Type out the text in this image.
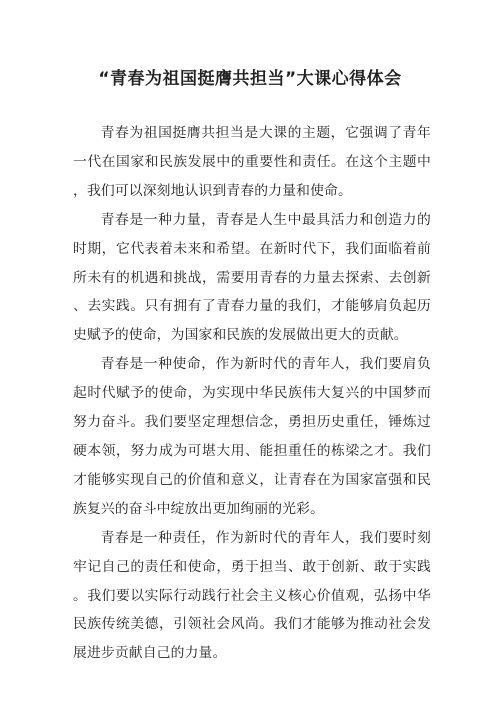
“青春为祖国挺膺共担当”大课心得体会

青春为祖国挺膺共担当是大课的主题，它强调了青年一代在国家和民族发展中的重要性和责任。在这个主题中，我们可以深刻地认识到青春的力量和使命。

青春是一种力量，青春是人生中最具活力和创造力的时期，它代表着未来和希望。在新时代下，我们面临着前所未有的机遇和挑战，需要用青春的力量去探索、去创新、去实践。只有拥有了青春力量的我们，才能够肩负起历史赋予的使命，为国家和民族的发展做出更大的贡献。

青春是一种使命，作为新时代的青年人，我们要肩负起时代赋予的使命，为实现中华民族伟大复兴的中国梦而努力奋斗。我们要坚定理想信念，勇担历史重任，锤炼过硬本领，努力成为可堪大用、能担重任的栋梁之才。我们才能够实现自己的价值和意义，让青春在为国家富强和民族复兴的奋斗中绽放出更加绚丽的光彩。

青春是一种责任，作为新时代的青年人，我们要时刻牢记自己的责任和使命，勇于担当、敢于创新、敢于实践。我们要以实际行动践行社会主义核心价值观，弘扬中华民族传统美德，引领社会风尚。我们才能够为推动社会发展进步贡献自己的力量。
